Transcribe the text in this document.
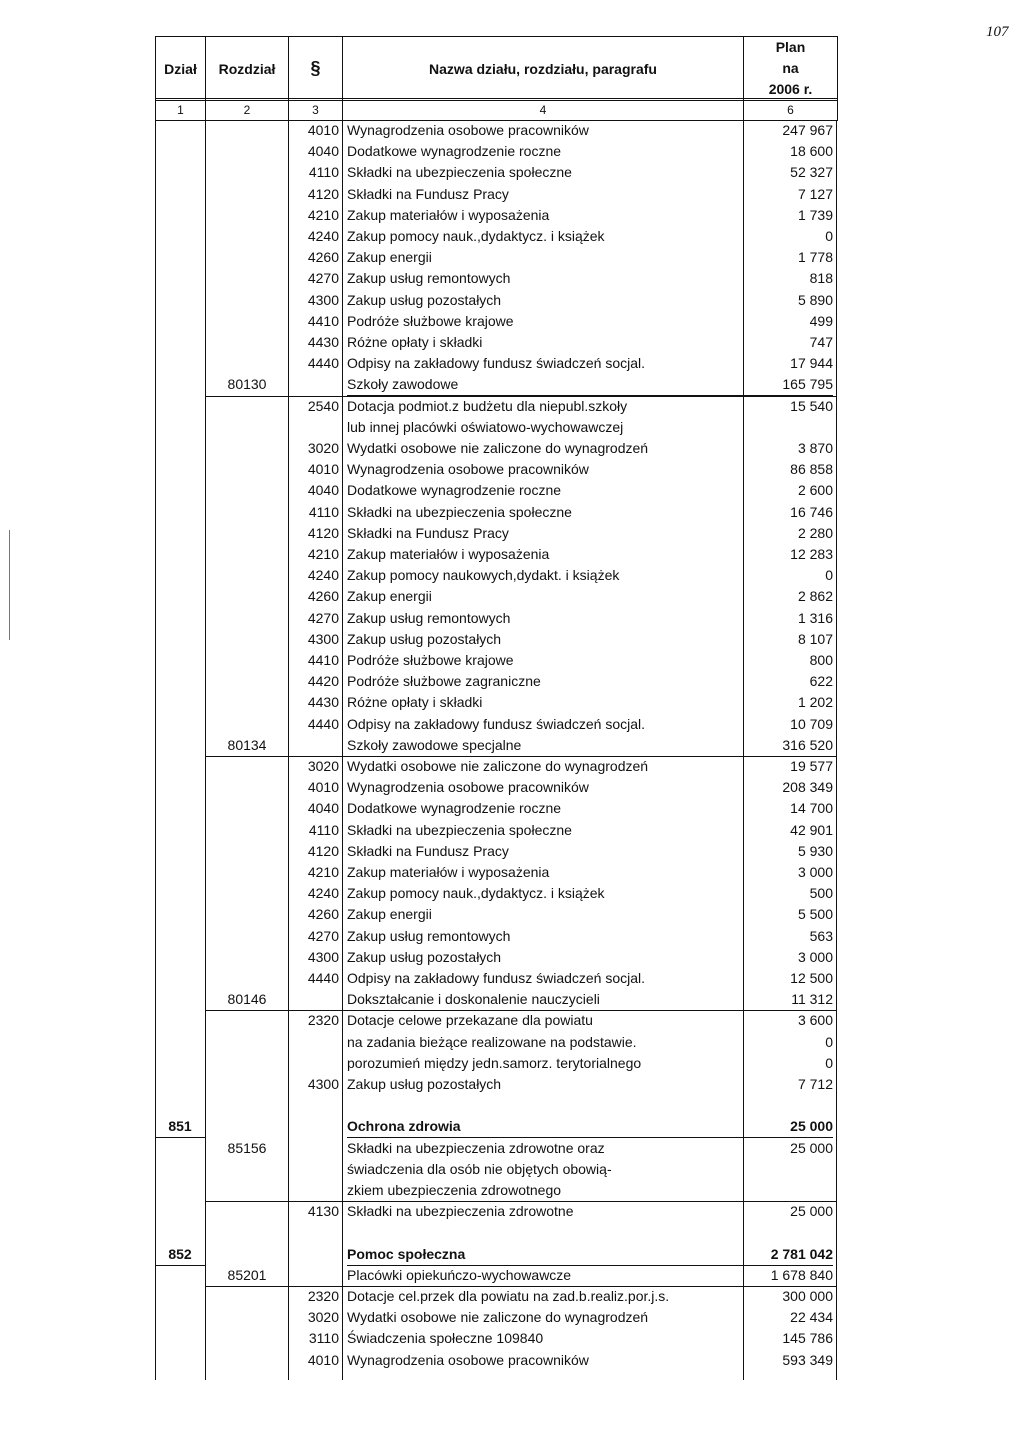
107
Dział	Rozdział	§	Nazwa działu, rozdziału, paragrafu	
Plan
na
2006 r.
1	2	3	4	6
4010 Wynagrodzenia osobowe pracowników	247 967
4040 Dodatkowe wynagrodzenie roczne	18 600
4110 Składki na ubezpieczenia społeczne	52 327
4120 Składki na Fundusz Pracy	7 127
4210 Zakup materiałów i wyposażenia	1 739
4240 Zakup pomocy nauk.,dydaktycz. i książek	0
4260 Zakup energii	1 778
4270 Zakup usług remontowych	818
4300 Zakup usług pozostałych	5 890
4410 Podróże służbowe krajowe	499
4430 Różne opłaty i składki	747
4440 Odpisy na zakładowy fundusz świadczeń socjal.	17 944
80130	Szkoły zawodowe	165 795
2540 Dotacja podmiot.z budżetu dla niepubl.szkoły	15 540
lub innej placówki oświatowo-wychowawczej
3020 Wydatki osobowe nie zaliczone do wynagrodzeń	3 870
4010 Wynagrodzenia osobowe pracowników	86 858
4040 Dodatkowe wynagrodzenie roczne	2 600
4110 Składki na ubezpieczenia społeczne	16 746
4120 Składki na Fundusz Pracy	2 280
4210 Zakup materiałów i wyposażenia	12 283
4240 Zakup pomocy naukowych,dydakt. i książek	0
4260 Zakup energii	2 862
4270 Zakup usług remontowych	1 316
4300 Zakup usług pozostałych	8 107
4410 Podróże służbowe krajowe	800
4420 Podróże służbowe zagraniczne	622
4430 Różne opłaty i składki	1 202
4440 Odpisy na zakładowy fundusz świadczeń socjal.	10 709
80134	Szkoły zawodowe specjalne	316 520
3020 Wydatki osobowe nie zaliczone do wynagrodzeń	19 577
4010 Wynagrodzenia osobowe pracowników	208 349
4040 Dodatkowe wynagrodzenie roczne	14 700
4110 Składki na ubezpieczenia społeczne	42 901
4120 Składki na Fundusz Pracy	5 930
4210 Zakup materiałów i wyposażenia	3 000
4240 Zakup pomocy nauk.,dydaktycz. i książek	500
4260 Zakup energii	5 500
4270 Zakup usług remontowych	563
4300 Zakup usług pozostałych	3 000
4440 Odpisy na zakładowy fundusz świadczeń socjal.	12 500
80146	Dokształcanie i doskonalenie nauczycieli	11 312
2320 Dotacje celowe przekazane dla powiatu	3 600
na zadania bieżące realizowane na podstawie.	0
porozumień między jedn.samorz. terytorialnego	0
4300 Zakup usług pozostałych	7 712
851	Ochrona zdrowia	25 000
85156	Składki na ubezpieczenia zdrowotne oraz	25 000
świadczenia dla osób nie objętych obowią-
zkiem ubezpieczenia zdrowotnego
4130 Składki na ubezpieczenia zdrowotne	25 000
852	Pomoc społeczna	2 781 042
85201	Placówki opiekuńczo-wychowawcze	1 678 840
2320 Dotacje cel.przek dla powiatu na zad.b.realiz.por.j.s.	300 000
3020 Wydatki osobowe nie zaliczone do wynagrodzeń	22 434
3110 Świadczenia społeczne 109840	145 786
4010 Wynagrodzenia osobowe pracowników	593 349
